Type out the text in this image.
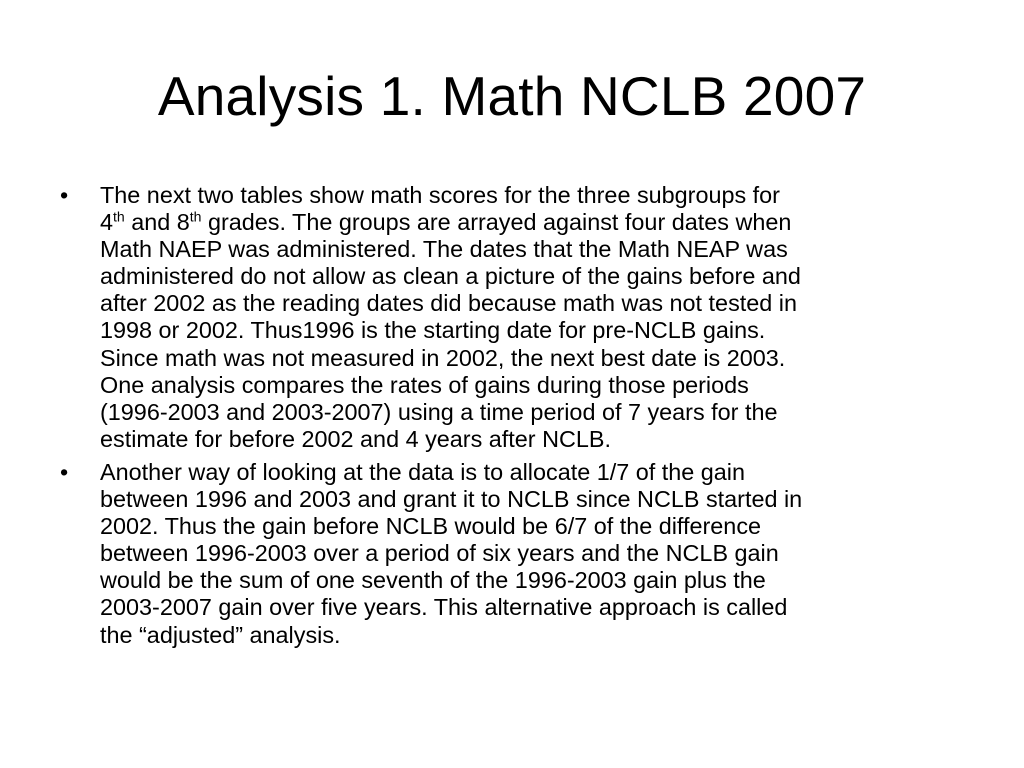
Analysis 1. Math NCLB 2007
•	The next two tables show math scores for the three subgroups for
4th and 8th grades. The groups are arrayed against four dates when
Math NAEP was administered. The dates that the Math NEAP was
administered do not allow as clean a picture of the gains before and
after 2002 as the reading dates did because math was not tested in
1998 or 2002. Thus1996 is the starting date for pre-NCLB gains.
Since math was not measured in 2002, the next best date is 2003.
One analysis compares the rates of gains during those periods
(1996-2003 and 2003-2007) using a time period of 7 years for the
estimate for before 2002 and 4 years after NCLB.
•	Another way of looking at the data is to allocate 1/7 of the gain
between 1996 and 2003 and grant it to NCLB since NCLB started in
2002. Thus the gain before NCLB would be 6/7 of the difference
between 1996-2003 over a period of six years and the NCLB gain
would be the sum of one seventh of the 1996-2003 gain plus the
2003-2007 gain over five years. This alternative approach is called
the “adjusted” analysis.
